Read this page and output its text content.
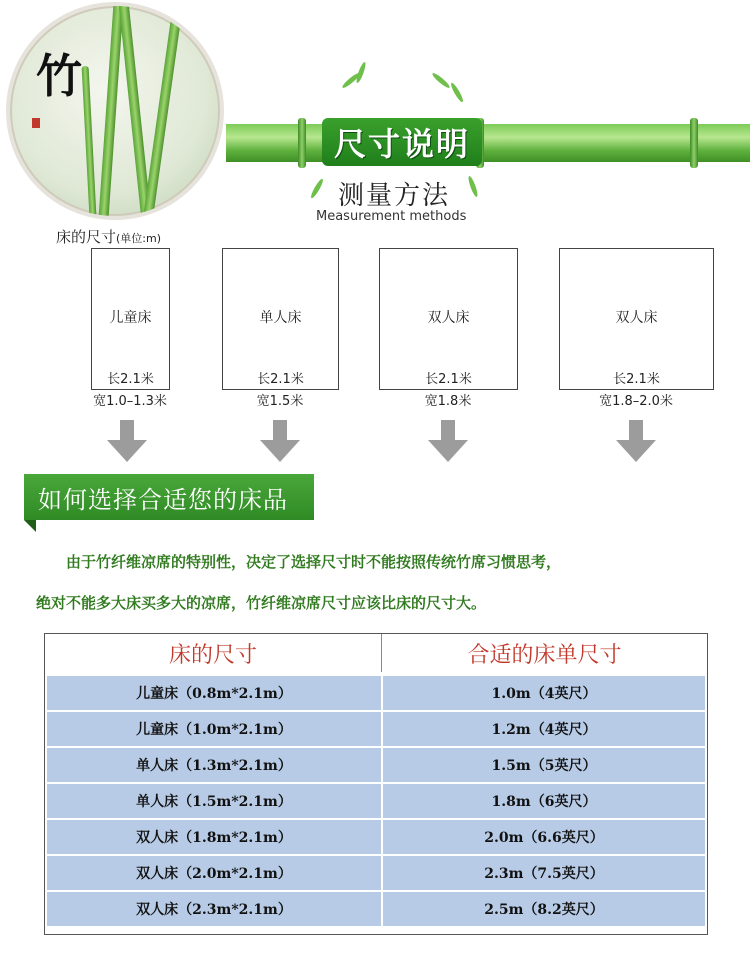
竹
尺寸说明
测量方法
Measurement methods
床的尺寸(单位:m)
儿童床
长2.1米
宽1.0–1.3米
单人床
长2.1米
宽1.5米
双人床
长2.1米
宽1.8米
双人床
长2.1米
宽1.8–2.0米
如何选择合适您的床品
由于竹纤维凉席的特别性，决定了选择尺寸时不能按照传统竹席习惯思考，
绝对不能多大床买多大的凉席，竹纤维凉席尺寸应该比床的尺寸大。
床的尺寸	合适的床单尺寸
儿童床（0.8m*2.1m）	1.0m（4英尺）
儿童床（1.0m*2.1m）	1.2m（4英尺）
单人床（1.3m*2.1m）	1.5m（5英尺）
单人床（1.5m*2.1m）	1.8m（6英尺）
双人床（1.8m*2.1m）	2.0m（6.6英尺）
双人床（2.0m*2.1m）	2.3m（7.5英尺）
双人床（2.3m*2.1m）	2.5m（8.2英尺）
